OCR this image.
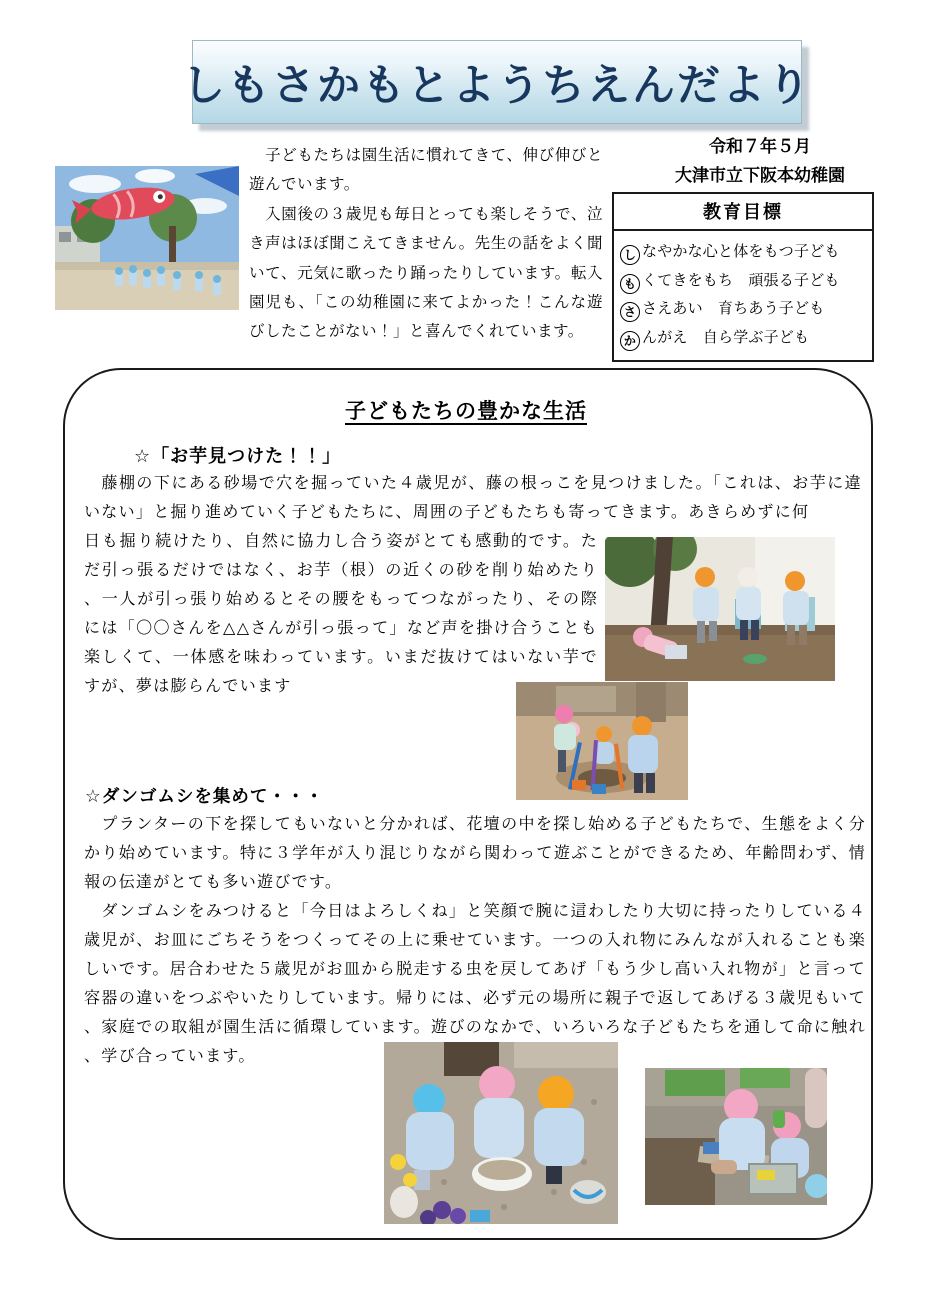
しもさかもとようちえんだより

　子どもたちは園生活に慣れてきて、伸び伸びと遊んでいます。

　入園後の３歳児も毎日とっても楽しそうで、泣き声はほぼ聞こえてきません。先生の話をよく聞いて、元気に歌ったり踊ったりしています。転入園児も、「この幼稚園に来てよかった！こんな遊びしたことがない！」と喜んでくれています。

令和７年５月
大津市立下阪本幼稚園
教育目標
し なやかな心と体をもつ子ども
も くてきをもち　頑張る子ども
さ さえあい　育ちあう子ども
か んがえ　自ら学ぶ子ども
子どもたちの豊かな生活
☆「お芋見つけた！！」

　藤棚の下にある砂場で穴を掘っていた４歳児が、藤の根っこを見つけました。「これは、お芋に違いない」と掘り進めていく子どもたちに、周囲の子どもたちも寄ってきます。あきらめずに何

日も掘り続けたり、自然に協力し合う姿がとても感動的です。ただ引っ張るだけではなく、お芋（根）の近くの砂を削り始めたり、一人が引っ張り始めるとその腰をもってつながったり、その際には「〇〇さんを△△さんが引っ張って」など声を掛け合うことも楽しくて、一体感を味わっています。いまだ抜けてはいない芋ですが、夢は膨らんでいます

☆ダンゴムシを集めて・・・

　プランターの下を探してもいないと分かれば、花壇の中を探し始める子どもたちで、生態をよく分かり始めています。特に３学年が入り混じりながら関わって遊ぶことができるため、年齢問わず、情報の伝達がとても多い遊びです。

　ダンゴムシをみつけると「今日はよろしくね」と笑顔で腕に這わしたり大切に持ったりしている４歳児が、お皿にごちそうをつくってその上に乗せています。一つの入れ物にみんなが入れることも楽しいです。居合わせた５歳児がお皿から脱走する虫を戻してあげ「もう少し高い入れ物が」と言って容器の違いをつぶやいたりしています。帰りには、必ず元の場所に親子で返してあげる３歳児もいて、家庭での取組が園生活に循環しています。遊びのなかで、いろいろな子どもたちを通して命に触れ、学び合っています。
